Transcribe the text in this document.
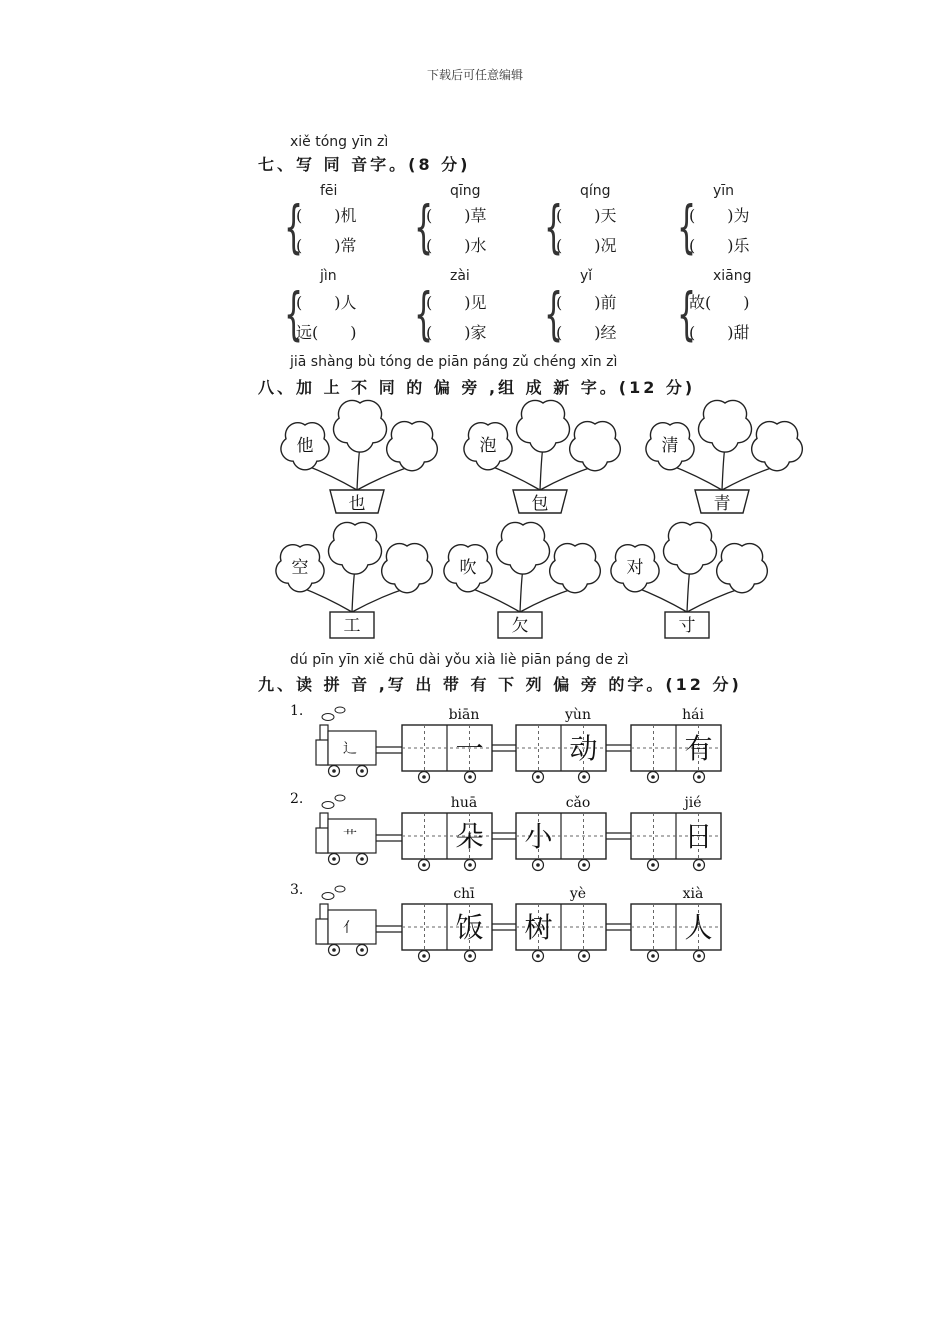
下载后可任意编辑
xiě tóng yīn zì
七、写 同 音字。(8 分)
fēi
{
(　　)机
(　　)常
qīng
{
(　　)草
(　　)水
qíng
{
(　　)天
(　　)况
yīn
{
(　　)为
(　　)乐
jìn
{
(　　)人
远(　　)
zài
{
(　　)见
(　　)家
yǐ
{
(　　)前
(　　)经
xiāng
{
故(　　)
(　　)甜
jiā shàng bù tóng de piān páng zǔ chéng xīn zì
八、加 上 不 同 的 偏 旁 ,组 成 新 字。(12 分)
他
也
泡
包
清
青
空
工
吹
欠
对
寸
dú pīn yīn xiě chū dài yǒu xià liè piān páng de zì
九、读 拼 音 ,写 出 带 有 下 列 偏 旁 的字。(12 分)
1.
辶
biān
一
yùn
动
hái
有
2.
艹
huā
朵
cǎo
小
jié
日
3.
亻
chī
饭
yè
树
xià
人
